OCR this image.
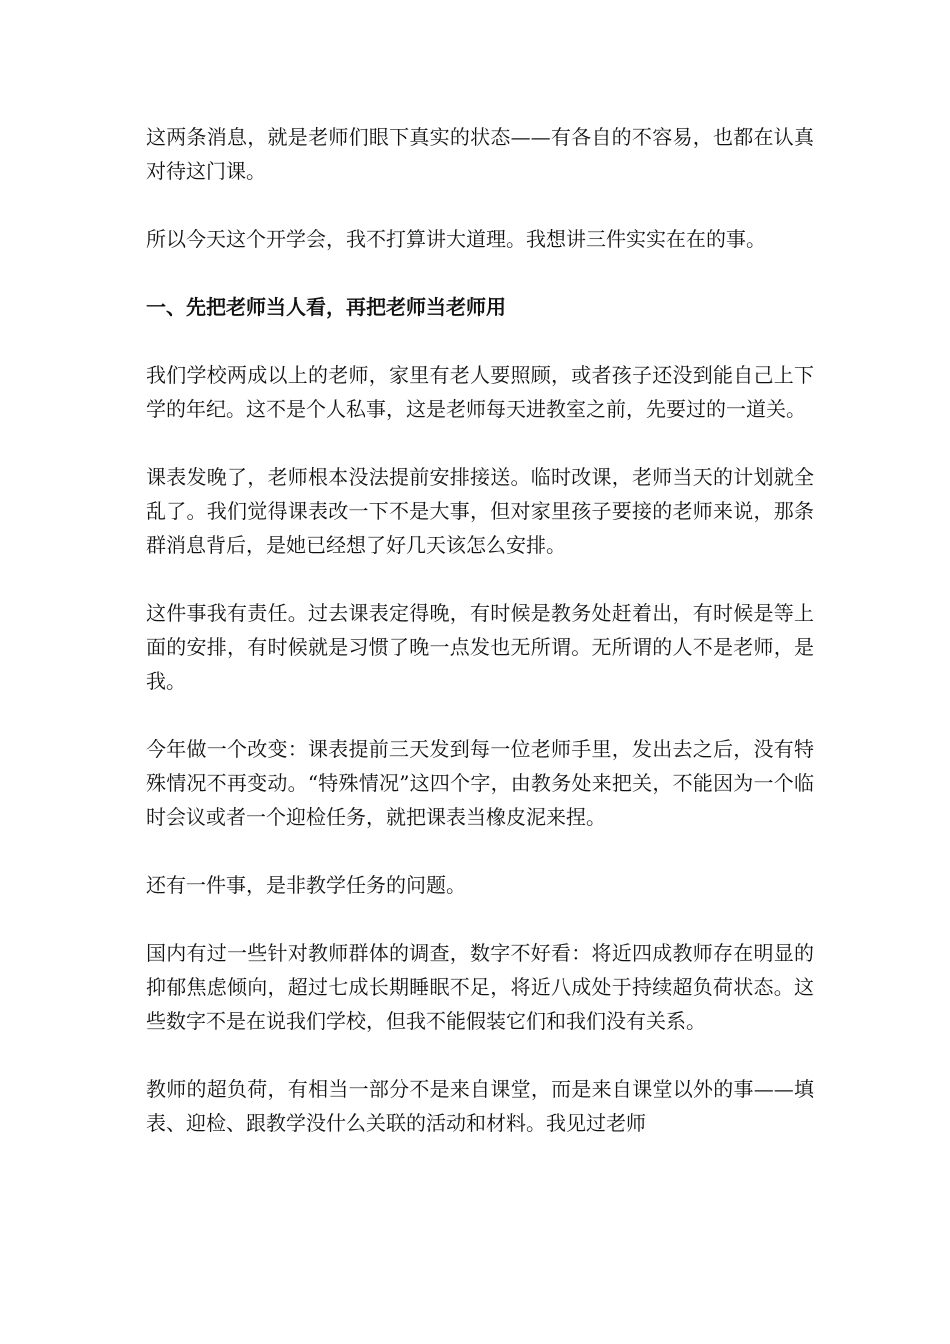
这两条消息，就是老师们眼下真实的状态——有各自的不容易，也都在认真对待这门课。

所以今天这个开学会，我不打算讲大道理。我想讲三件实实在在的事。

一、先把老师当人看，再把老师当老师用

我们学校两成以上的老师，家里有老人要照顾，或者孩子还没到能自己上下学的年纪。这不是个人私事，这是老师每天进教室之前，先要过的一道关。

课表发晚了，老师根本没法提前安排接送。临时改课，老师当天的计划就全乱了。我们觉得课表改一下不是大事，但对家里孩子要接的老师来说，那条群消息背后，是她已经想了好几天该怎么安排。

这件事我有责任。过去课表定得晚，有时候是教务处赶着出，有时候是等上面的安排，有时候就是习惯了晚一点发也无所谓。无所谓的人不是老师，是我。

今年做一个改变：课表提前三天发到每一位老师手里，发出去之后，没有特殊情况不再变动。“特殊情况”这四个字，由教务处来把关，不能因为一个临时会议或者一个迎检任务，就把课表当橡皮泥来捏。

还有一件事，是非教学任务的问题。

国内有过一些针对教师群体的调查，数字不好看：将近四成教师存在明显的抑郁焦虑倾向，超过七成长期睡眠不足，将近八成处于持续超负荷状态。这些数字不是在说我们学校，但我不能假装它们和我们没有关系。

教师的超负荷，有相当一部分不是来自课堂，而是来自课堂以外的事——填表、迎检、跟教学没什么关联的活动和材料。我见过老师
